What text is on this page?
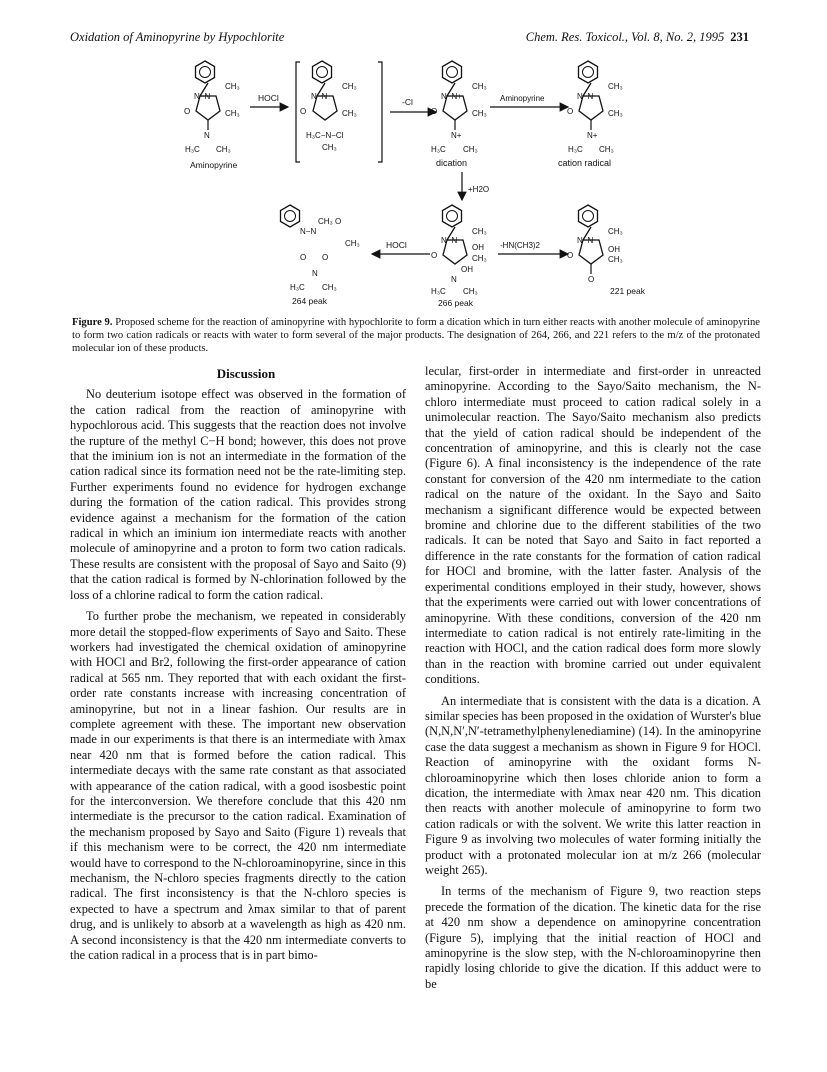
Oxidation of Aminopyrine by Hypochlorite	Chem. Res. Toxicol., Vol. 8, No. 2, 1995 231
N−N
CH₃
CH₃
O
N
H₃C CH₃
Aminopyrine
HOCl	N−N
CH₃
CH₃
O
H₃C−N−Cl
CH₃
-Cl
N−N+
CH₃
CH₃
O
N+
H₃C CH₃
dication
Aminopyrine	N−N
CH₃
CH₃
O
N+
H₃C CH₃
cation radical
+H2O
N−N
CH₃ O
CH₃
O O
N
H₃C CH₃
264 peak
HOCl	N−N
CH₃
OH
CH₃
O
OH
N
H₃C CH₃
266 peak
-HN(CH3)2
N−N
CH₃
OH
CH₃
O
O
221 peak
Figure 9. Proposed scheme for the reaction of aminopyrine with hypochlorite to form a dication which in turn either reacts with another molecule of aminopyrine to form two cation radicals or reacts with water to form several of the major products. The designation of 264, 266, and 221 refers to the m/z of the protonated molecular ion of these products.

Discussion

No deuterium isotope effect was observed in the formation of the cation radical from the reaction of aminopyrine with hypochlorous acid. This suggests that the reaction does not involve the rupture of the methyl C−H bond; however, this does not prove that the iminium ion is not an intermediate in the formation of the cation radical since its formation need not be the rate-limiting step. Further experiments found no evidence for hydrogen exchange during the formation of the cation radical. This provides strong evidence against a mechanism for the formation of the cation radical in which an iminium ion intermediate reacts with another molecule of aminopyrine and a proton to form two cation radicals. These results are consistent with the proposal of Sayo and Saito (9) that the cation radical is formed by N-chlorination followed by the loss of a chlorine radical to form the cation radical.

To further probe the mechanism, we repeated in considerably more detail the stopped-flow experiments of Sayo and Saito. These workers had investigated the chemical oxidation of aminopyrine with HOCl and Br2, following the first-order appearance of cation radical at 565 nm. They reported that with each oxidant the first-order rate constants increase with increasing concentration of aminopyrine, but not in a linear fashion. Our results are in complete agreement with these. The important new observation made in our experiments is that there is an intermediate with λmax near 420 nm that is formed before the cation radical. This intermediate decays with the same rate constant as that associated with appearance of the cation radical, with a good isosbestic point for the interconversion. We therefore conclude that this 420 nm intermediate is the precursor to the cation radical. Examination of the mechanism proposed by Sayo and Saito (Figure 1) reveals that if this mechanism were to be correct, the 420 nm intermediate would have to correspond to the N-chloroaminopyrine, since in this mechanism, the N-chloro species fragments directly to the cation radical. The first inconsistency is that the N-chloro species is expected to have a spectrum and λmax similar to that of parent drug, and is unlikely to absorb at a wavelength as high as 420 nm. A second inconsistency is that the 420 nm intermediate converts to the cation radical in a process that is in part bimo-

lecular, first-order in intermediate and first-order in unreacted aminopyrine. According to the Sayo/Saito mechanism, the N-chloro intermediate must proceed to cation radical solely in a unimolecular reaction. The Sayo/Saito mechanism also predicts that the yield of cation radical should be independent of the concentration of aminopyrine, and this is clearly not the case (Figure 6). A final inconsistency is the independence of the rate constant for conversion of the 420 nm intermediate to the cation radical on the nature of the oxidant. In the Sayo and Saito mechanism a significant difference would be expected between bromine and chlorine due to the different stabilities of the two radicals. It can be noted that Sayo and Saito in fact reported a difference in the rate constants for the formation of cation radical for HOCl and bromine, with the latter faster. Analysis of the experimental conditions employed in their study, however, shows that the experiments were carried out with lower concentrations of aminopyrine. With these conditions, conversion of the 420 nm intermediate to cation radical is not entirely rate-limiting in the reaction with HOCl, and the cation radical does form more slowly than in the reaction with bromine carried out under equivalent conditions.

An intermediate that is consistent with the data is a dication. A similar species has been proposed in the oxidation of Wurster's blue (N,N,N′,N′-tetramethylphenylenediamine) (14). In the aminopyrine case the data suggest a mechanism as shown in Figure 9 for HOCl. Reaction of aminopyrine with the oxidant forms N-chloroaminopyrine which then loses chloride anion to form a dication, the intermediate with λmax near 420 nm. This dication then reacts with another molecule of aminopyrine to form two cation radicals or with the solvent. We write this latter reaction in Figure 9 as involving two molecules of water forming initially the product with a protonated molecular ion at m/z 266 (molecular weight 265).

In terms of the mechanism of Figure 9, two reaction steps precede the formation of the dication. The kinetic data for the rise at 420 nm show a dependence on aminopyrine concentration (Figure 5), implying that the initial reaction of HOCl and aminopyrine is the slow step, with the N-chloroaminopyrine then rapidly losing chloride to give the dication. If this adduct were to be
